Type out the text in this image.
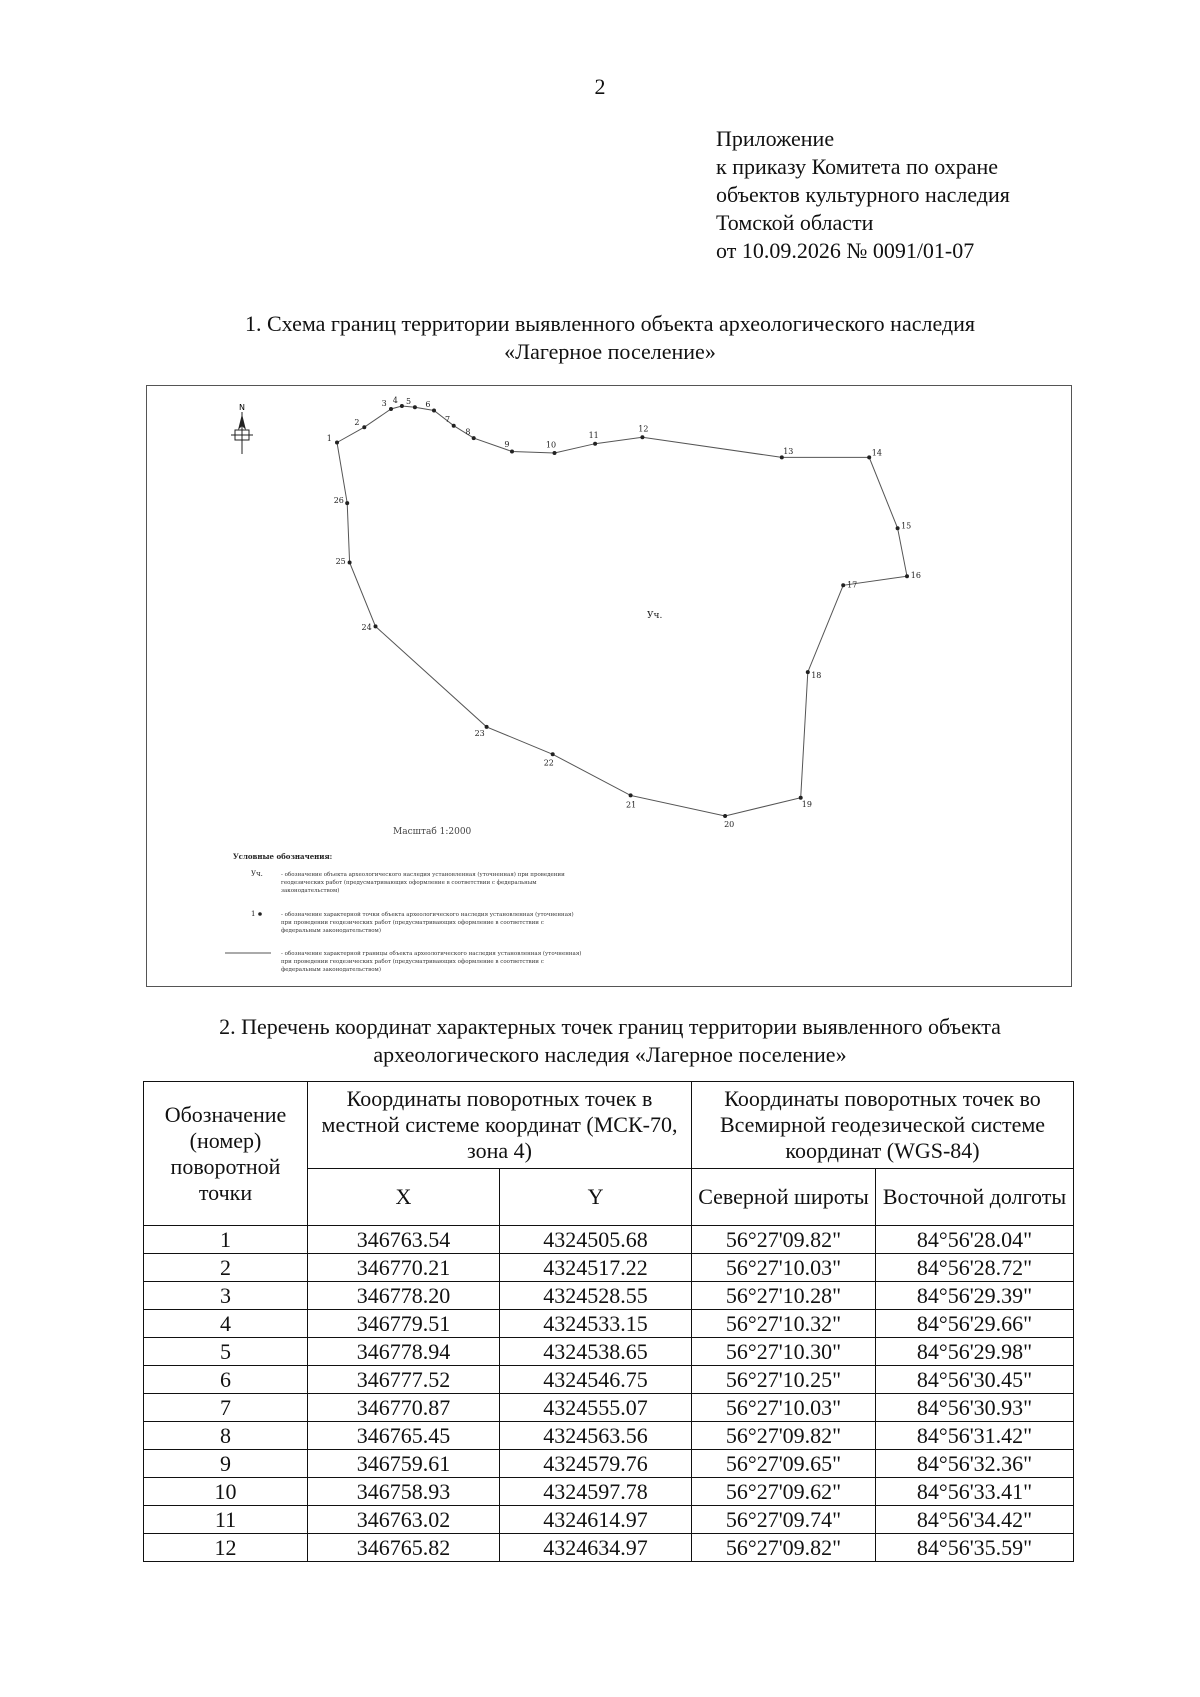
2
Приложение
к приказу Комитета по охране
объектов культурного наследия
Томской области
от 10.09.2026 № 0091/01-07
1. Схема границ территории выявленного объекта археологического наследия
«Лагерное поселение»
N
1
2
3 4 5 6
7
8
9	10
11
12
13	14
15
16
17
18
19
20
21
22
23
24
25
26
Уч.
Масштаб 1:2000
Условные обозначения:
Уч.	- обозначение объекта археологического наследия установленная (уточненная) при проведении
геодезических работ (предусматривающих оформление в соответствии с федеральным
законодательством)
1	- обозначение характерной точки объекта археологического наследия установленная (уточненная)
при проведении геодезических работ (предусматривающих оформление в соответствии с
федеральным законодательством)
- обозначение характерной границы объекта археологического наследия установленная (уточненная)
при проведении геодезических работ (предусматривающих оформление в соответствии с
федеральным законодательством)
2. Перечень координат характерных точек границ территории выявленного объекта
археологического наследия «Лагерное поселение»
Обозначение (номер) поворотной точки	Координаты поворотных точек в местной системе координат (МСК-70, зона 4)		Координаты поворотных точек во Всемирной геодезической системе координат (WGS-84)	
	X	Y	Северной широты	Восточной долготы
1	346763.54	4324505.68	56°27'09.82"	84°56'28.04"
2	346770.21	4324517.22	56°27'10.03"	84°56'28.72"
3	346778.20	4324528.55	56°27'10.28"	84°56'29.39"
4	346779.51	4324533.15	56°27'10.32"	84°56'29.66"
5	346778.94	4324538.65	56°27'10.30"	84°56'29.98"
6	346777.52	4324546.75	56°27'10.25"	84°56'30.45"
7	346770.87	4324555.07	56°27'10.03"	84°56'30.93"
8	346765.45	4324563.56	56°27'09.82"	84°56'31.42"
9	346759.61	4324579.76	56°27'09.65"	84°56'32.36"
10	346758.93	4324597.78	56°27'09.62"	84°56'33.41"
11	346763.02	4324614.97	56°27'09.74"	84°56'34.42"
12	346765.82	4324634.97	56°27'09.82"	84°56'35.59"
